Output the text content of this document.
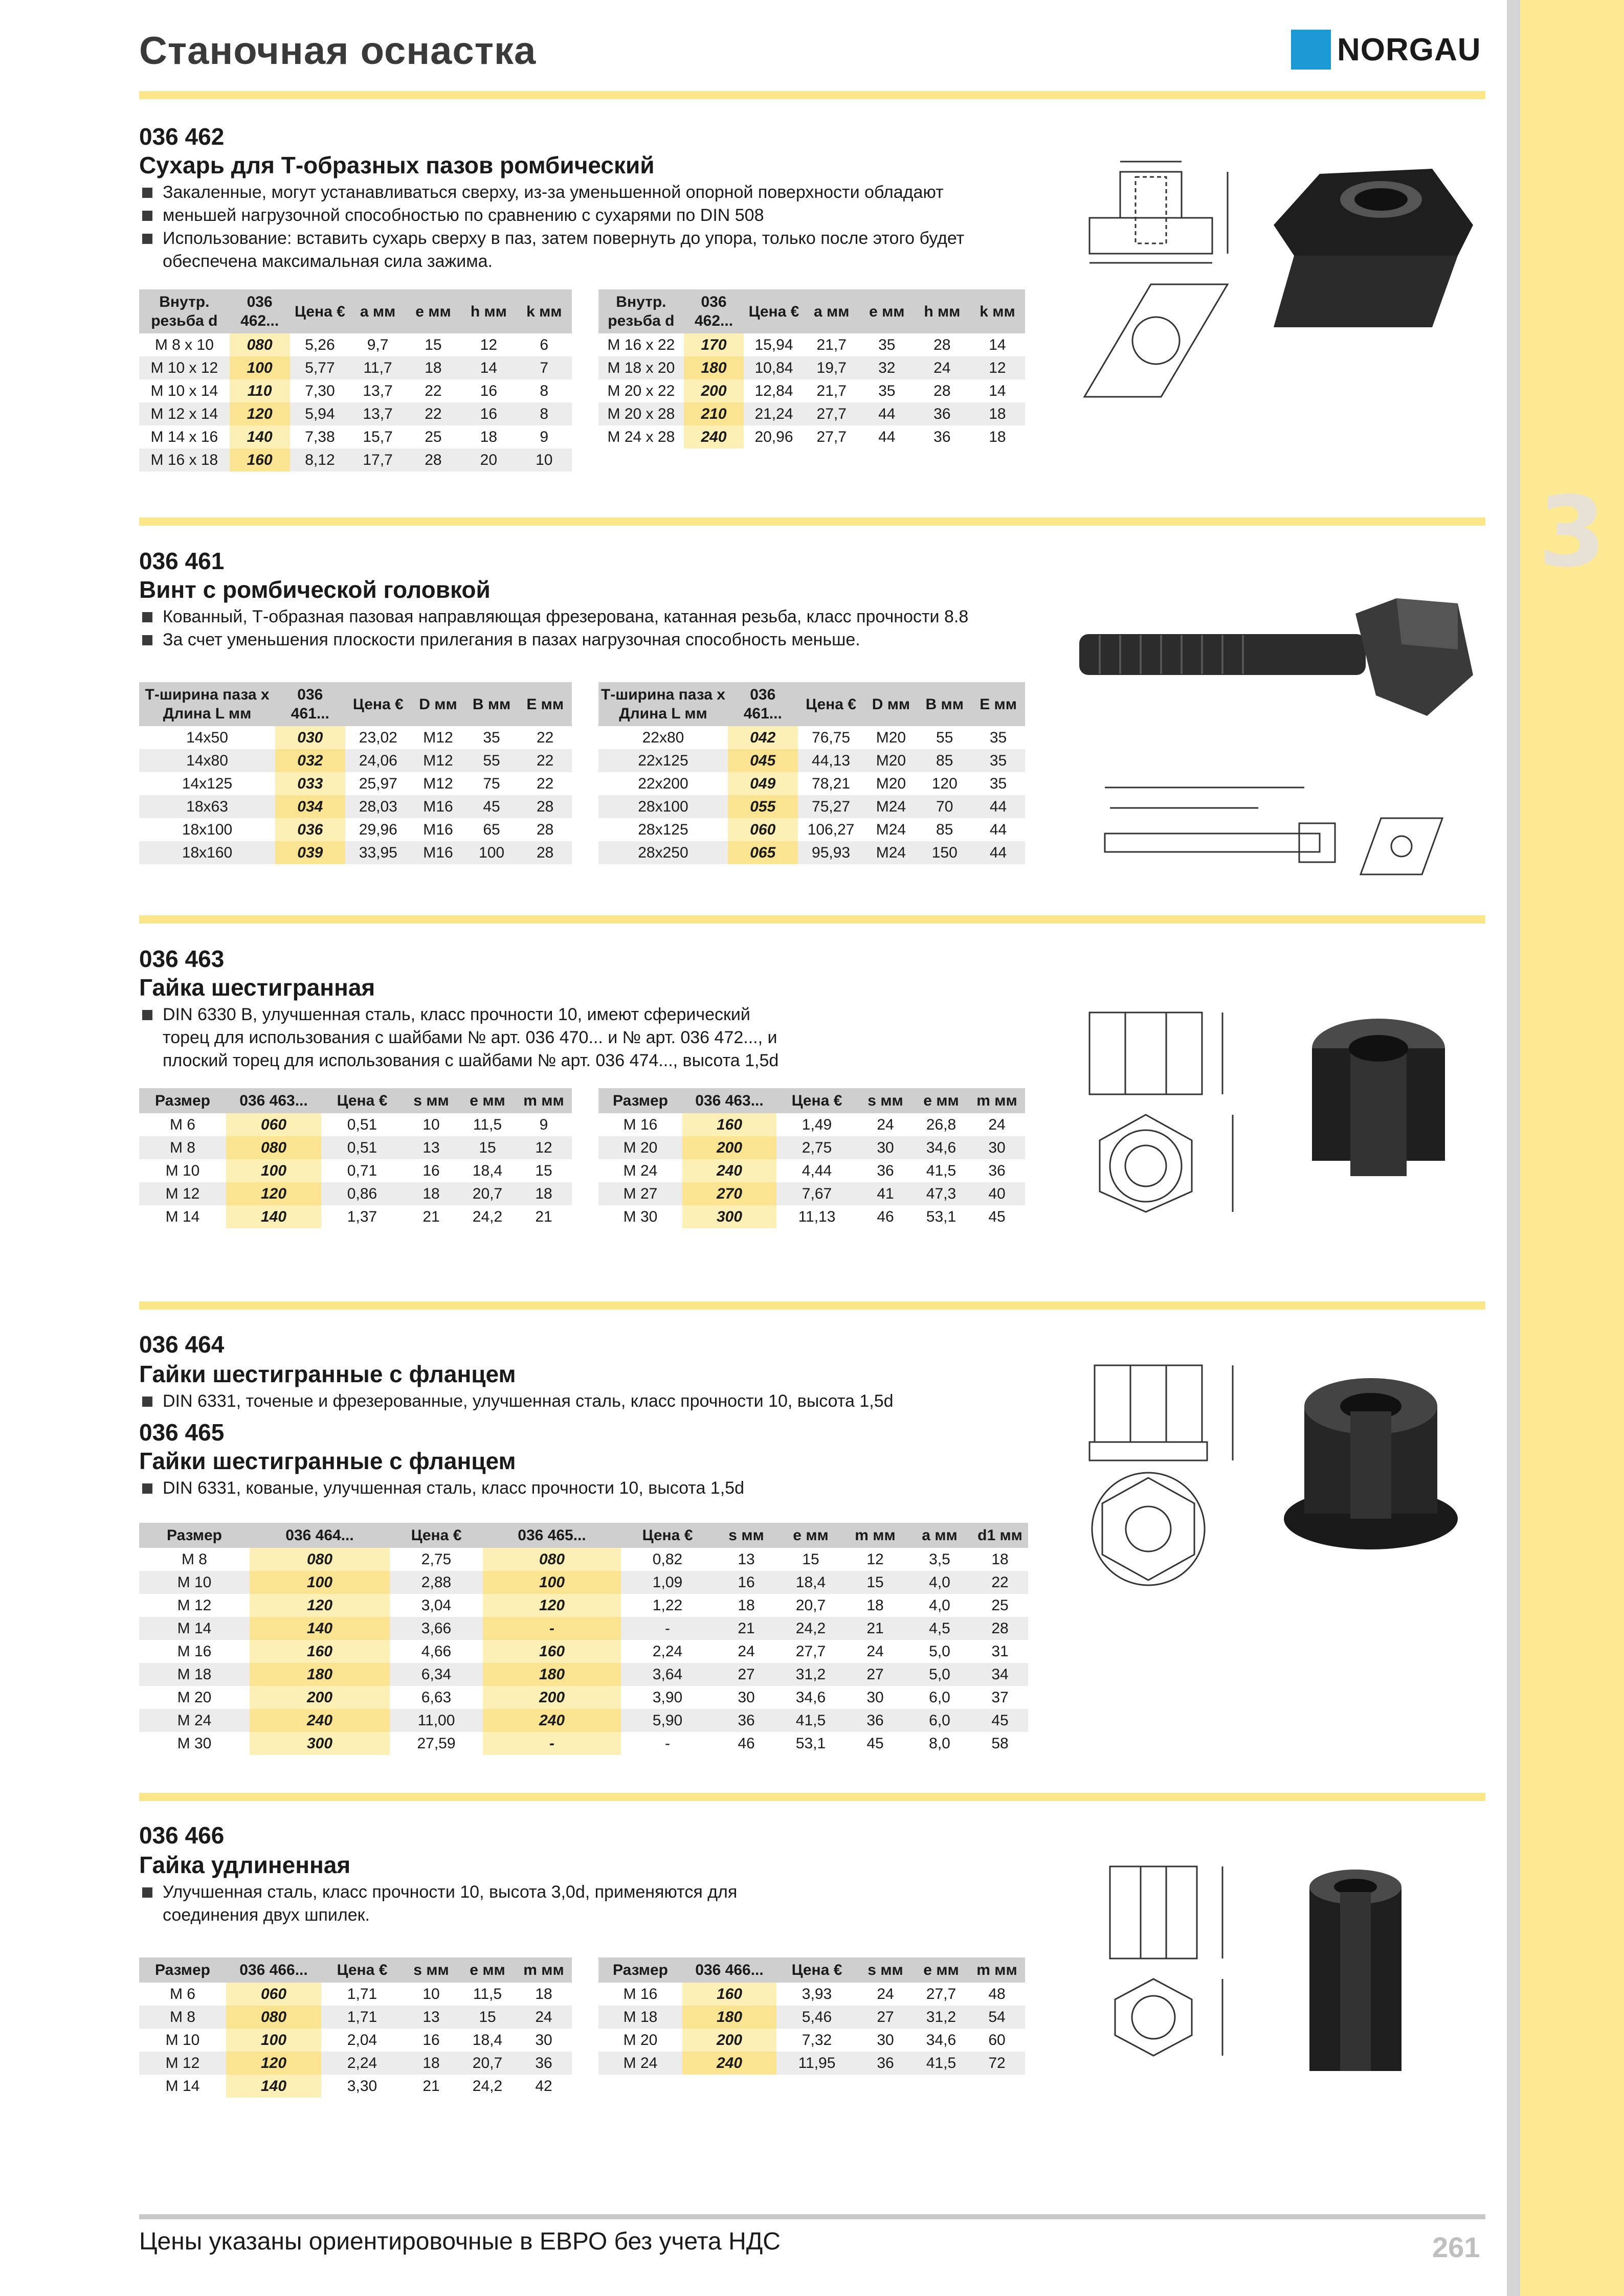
3
Станочная оснастка	NORGAU
036 462
Сухарь для Т-образных пазов ромбический
Закаленные, могут устанавливаться сверху, из-за уменьшенной опорной поверхности обладают
меньшей нагрузочной способностью по сравнению с сухарями по DIN 508
Использование: вставить сухарь сверху в паз, затем повернуть до упора, только после этого будет обеспечена максимальная сила зажима.
Внутр. резьба d	036 462...	Цена €	a мм	e мм	h мм	k мм
M 8 x 10	080	5,26	9,7	15	12	6
M 10 x 12	100	5,77	11,7	18	14	7
M 10 x 14	110	7,30	13,7	22	16	8
M 12 x 14	120	5,94	13,7	22	16	8
M 14 x 16	140	7,38	15,7	25	18	9
M 16 x 18	160	8,12	17,7	28	20	10
Внутр. резьба d	036 462...	Цена €	a мм	e мм	h мм	k мм
M 16 x 22	170	15,94	21,7	35	28	14
M 18 x 20	180	10,84	19,7	32	24	12
M 20 x 22	200	12,84	21,7	35	28	14
M 20 x 28	210	21,24	27,7	44	36	18
M 24 x 28	240	20,96	27,7	44	36	18
036 461
Винт с ромбической головкой
Кованный, Т-образная пазовая направляющая фрезерована, катанная резьба, класс прочности 8.8
За счет уменьшения плоскости прилегания в пазах нагрузочная способность меньше.
Т-ширина паза х Длина L мм	036 461...	Цена €	D мм	B мм	E мм
14x50	030	23,02	M12	35	22
14x80	032	24,06	M12	55	22
14x125	033	25,97	M12	75	22
18x63	034	28,03	M16	45	28
18x100	036	29,96	M16	65	28
18x160	039	33,95	M16	100	28
Т-ширина паза х Длина L мм	036 461...	Цена €	D мм	B мм	E мм
22x80	042	76,75	M20	55	35
22x125	045	44,13	M20	85	35
22x200	049	78,21	M20	120	35
28x100	055	75,27	M24	70	44
28x125	060	106,27	M24	85	44
28x250	065	95,93	M24	150	44
036 463
Гайка шестигранная
DIN 6330 B, улучшенная сталь, класс прочности 10, имеют сферический торец для использования с шайбами № арт. 036 470... и № арт. 036 472..., и плоский торец для использования с шайбами № арт. 036 474..., высота 1,5d
Размер	036 463...	Цена €	s мм	e мм	m мм
M 6	060	0,51	10	11,5	9
M 8	080	0,51	13	15	12
M 10	100	0,71	16	18,4	15
M 12	120	0,86	18	20,7	18
M 14	140	1,37	21	24,2	21
Размер	036 463...	Цена €	s мм	e мм	m мм
M 16	160	1,49	24	26,8	24
M 20	200	2,75	30	34,6	30
M 24	240	4,44	36	41,5	36
M 27	270	7,67	41	47,3	40
M 30	300	11,13	46	53,1	45
036 464
Гайки шестигранные с фланцем
DIN 6331, точеные и фрезерованные, улучшенная сталь, класс прочности 10, высота 1,5d
036 465
Гайки шестигранные с фланцем
DIN 6331, кованые, улучшенная сталь, класс прочности 10, высота 1,5d
Размер	036 464...	Цена €	036 465...	Цена €	s мм	e мм	m мм	a мм	d1 мм
M 8	080	2,75	080	0,82	13	15	12	3,5	18
M 10	100	2,88	100	1,09	16	18,4	15	4,0	22
M 12	120	3,04	120	1,22	18	20,7	18	4,0	25
M 14	140	3,66	-	-	21	24,2	21	4,5	28
M 16	160	4,66	160	2,24	24	27,7	24	5,0	31
M 18	180	6,34	180	3,64	27	31,2	27	5,0	34
M 20	200	6,63	200	3,90	30	34,6	30	6,0	37
M 24	240	11,00	240	5,90	36	41,5	36	6,0	45
M 30	300	27,59	-	-	46	53,1	45	8,0	58
036 466
Гайка удлиненная
Улучшенная сталь, класс прочности 10, высота 3,0d, применяются для соединения двух шпилек.
Размер	036 466...	Цена €	s мм	e мм	m мм
M 6	060	1,71	10	11,5	18
M 8	080	1,71	13	15	24
M 10	100	2,04	16	18,4	30
M 12	120	2,24	18	20,7	36
M 14	140	3,30	21	24,2	42
Размер	036 466...	Цена €	s мм	e мм	m мм
M 16	160	3,93	24	27,7	48
M 18	180	5,46	27	31,2	54
M 20	200	7,32	30	34,6	60
M 24	240	11,95	36	41,5	72
Цены указаны ориентировочные в ЕВРО без учета НДС	261
